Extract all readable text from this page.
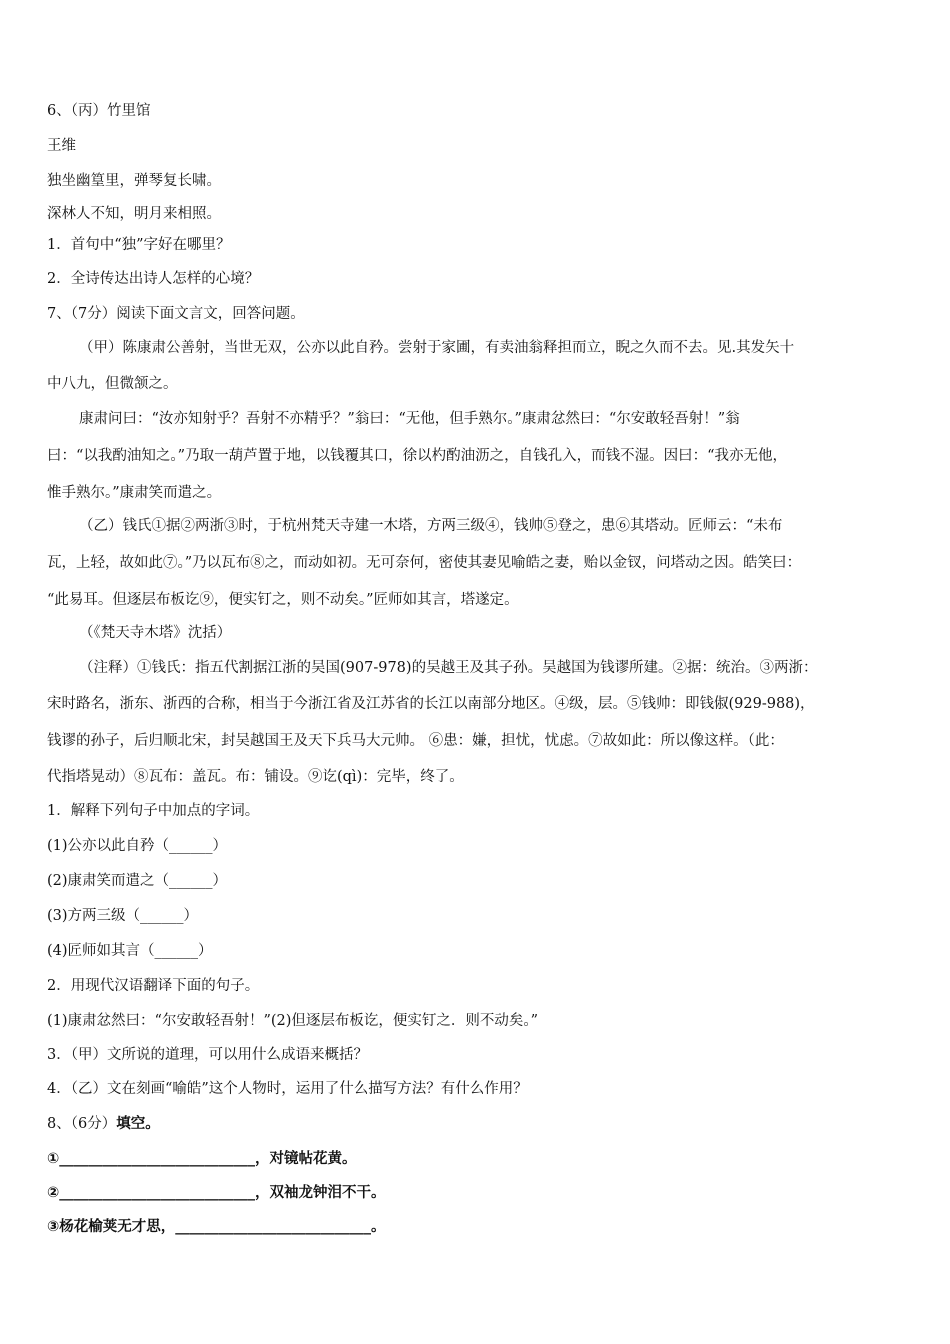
6、（丙）竹里馆
王维
独坐幽篁里，弹琴复长啸。
深林人不知，明月来相照。
1．首句中“独”字好在哪里？
2．全诗传达出诗人怎样的心境？
7、（7分）阅读下面文言文，回答问题。
（甲）陈康肃公善射，当世无双，公亦以此自矜。尝射于家圃，有卖油翁释担而立，睨之久而不去。见.其发矢十
中八九，但微颔之。
康肃问曰：“汝亦知射乎？吾射不亦精乎？”翁曰：“无他，但手熟尔。”康肃忿然曰：“尔安敢轻吾射！”翁
曰：“以我酌油知之。”乃取一葫芦置于地，以钱覆其口，徐以杓酌油沥之，自钱孔入，而钱不湿。因曰：“我亦无他，
惟手熟尔。”康肃笑而遣之。
（乙）钱氏①据②两浙③时，于杭州梵天寺建一木塔，方两三级④，钱帅⑤登之，患⑥其塔动。匠师云：“未布
瓦，上轻，故如此⑦。”乃以瓦布⑧之，而动如初。无可奈何，密使其妻见喻皓之妻，贻以金钗，问塔动之因。皓笑曰：
“此易耳。但逐层布板讫⑨，便实钉之，则不动矣。”匠师如其言，塔遂定。
（《梵天寺木塔》沈括）
（注释）①钱氏：指五代割据江浙的吴国(907-978)的吴越王及其子孙。吴越国为钱谬所建。②据：统治。③两浙：
宋时路名，浙东、浙西的合称，相当于今浙江省及江苏省的长江以南部分地区。④级，层。⑤钱帅：即钱俶(929-988)，
钱谬的孙子，后归顺北宋，封吴越国王及天下兵马大元帅。 ⑥患：嫌，担忧，忧虑。⑦故如此：所以像这样。（此：
代指塔晃动）⑧瓦布：盖瓦。布：铺设。⑨讫(qì)：完毕，终了。
1．解释下列句子中加点的字词。
(1)公亦以此自矜（______）
(2)康肃笑而遣之（______）
(3)方两三级（______）
(4)匠师如其言（______）
2．用现代汉语翻译下面的句子。
(1)康肃忿然曰：“尔安敢轻吾射！”(2)但逐层布板讫，便实钉之．则不动矣。”
3．（甲）文所说的道理，可以用什么成语来概括？
4．（乙）文在刻画“喻皓”这个人物时，运用了什么描写方法？有什么作用？
8、（6分）填空。
①___________________________，对镜帖花黄。
②___________________________，双袖龙钟泪不干。
③杨花榆荚无才思，___________________________。
